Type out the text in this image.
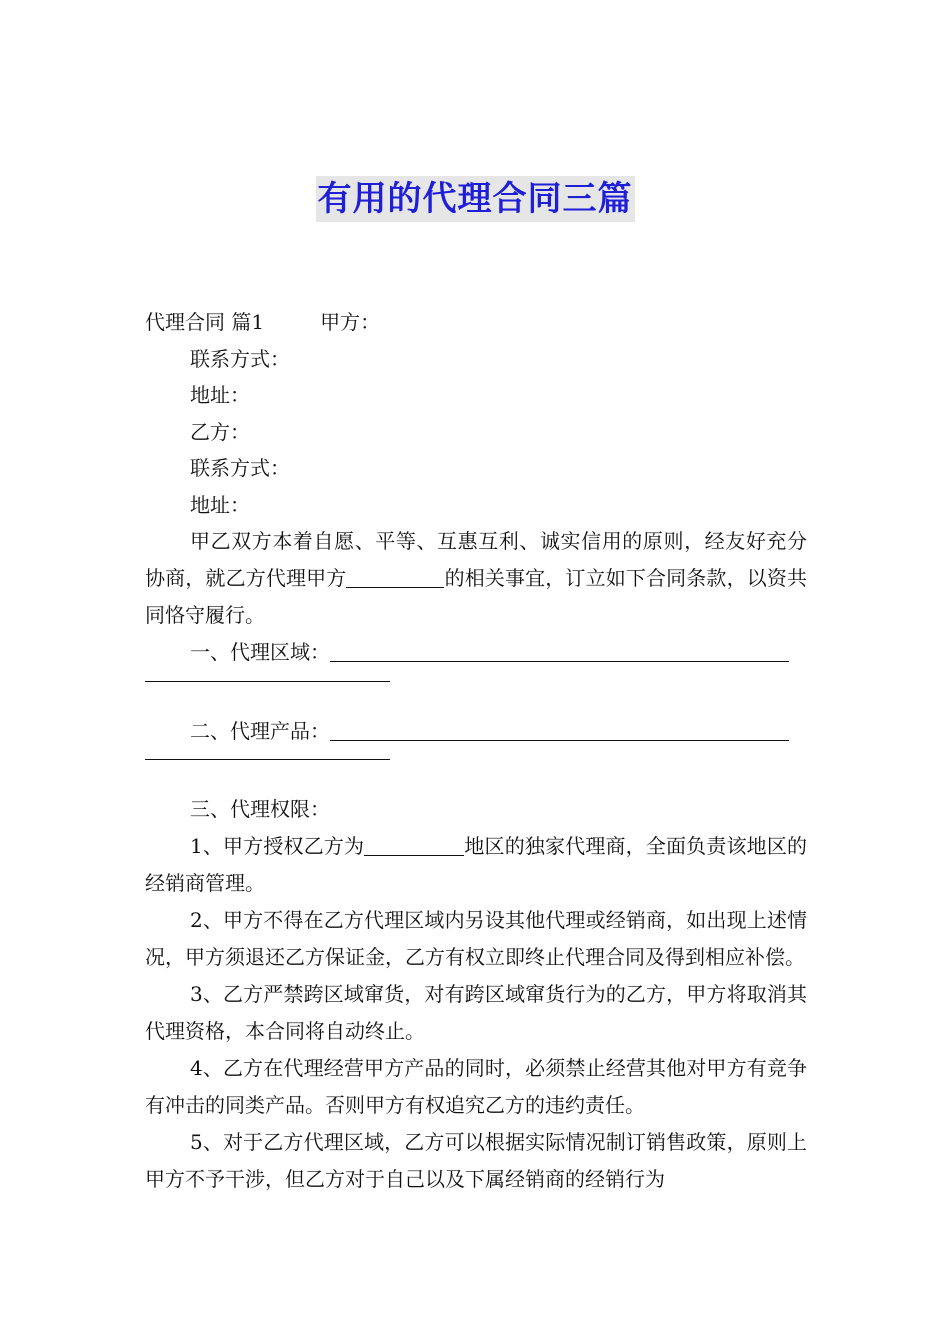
有用的代理合同三篇
代理合同 篇1	甲方：
联系方式：
地址：
乙方：
联系方式：
地址：

甲乙双方本着自愿、平等、互惠互利、诚实信用的原则，经友好充分协商，就乙方代理甲方	的相关事宜，订立如下合同条款，以资共同恪守履行。

一、代理区域：
二、代理产品：
三、代理权限：

1、甲方授权乙方为	地区的独家代理商，全面负责该地区的经销商管理。

2、甲方不得在乙方代理区域内另设其他代理或经销商，如出现上述情况，甲方须退还乙方保证金，乙方有权立即终止代理合同及得到相应补偿。

3、乙方严禁跨区域窜货，对有跨区域窜货行为的乙方，甲方将取消其代理资格，本合同将自动终止。

4、乙方在代理经营甲方产品的同时，必须禁止经营其他对甲方有竞争有冲击的同类产品。否则甲方有权追究乙方的违约责任。

5、对于乙方代理区域，乙方可以根据实际情况制订销售政策，原则上甲方不予干涉，但乙方对于自己以及下属经销商的经销行为
